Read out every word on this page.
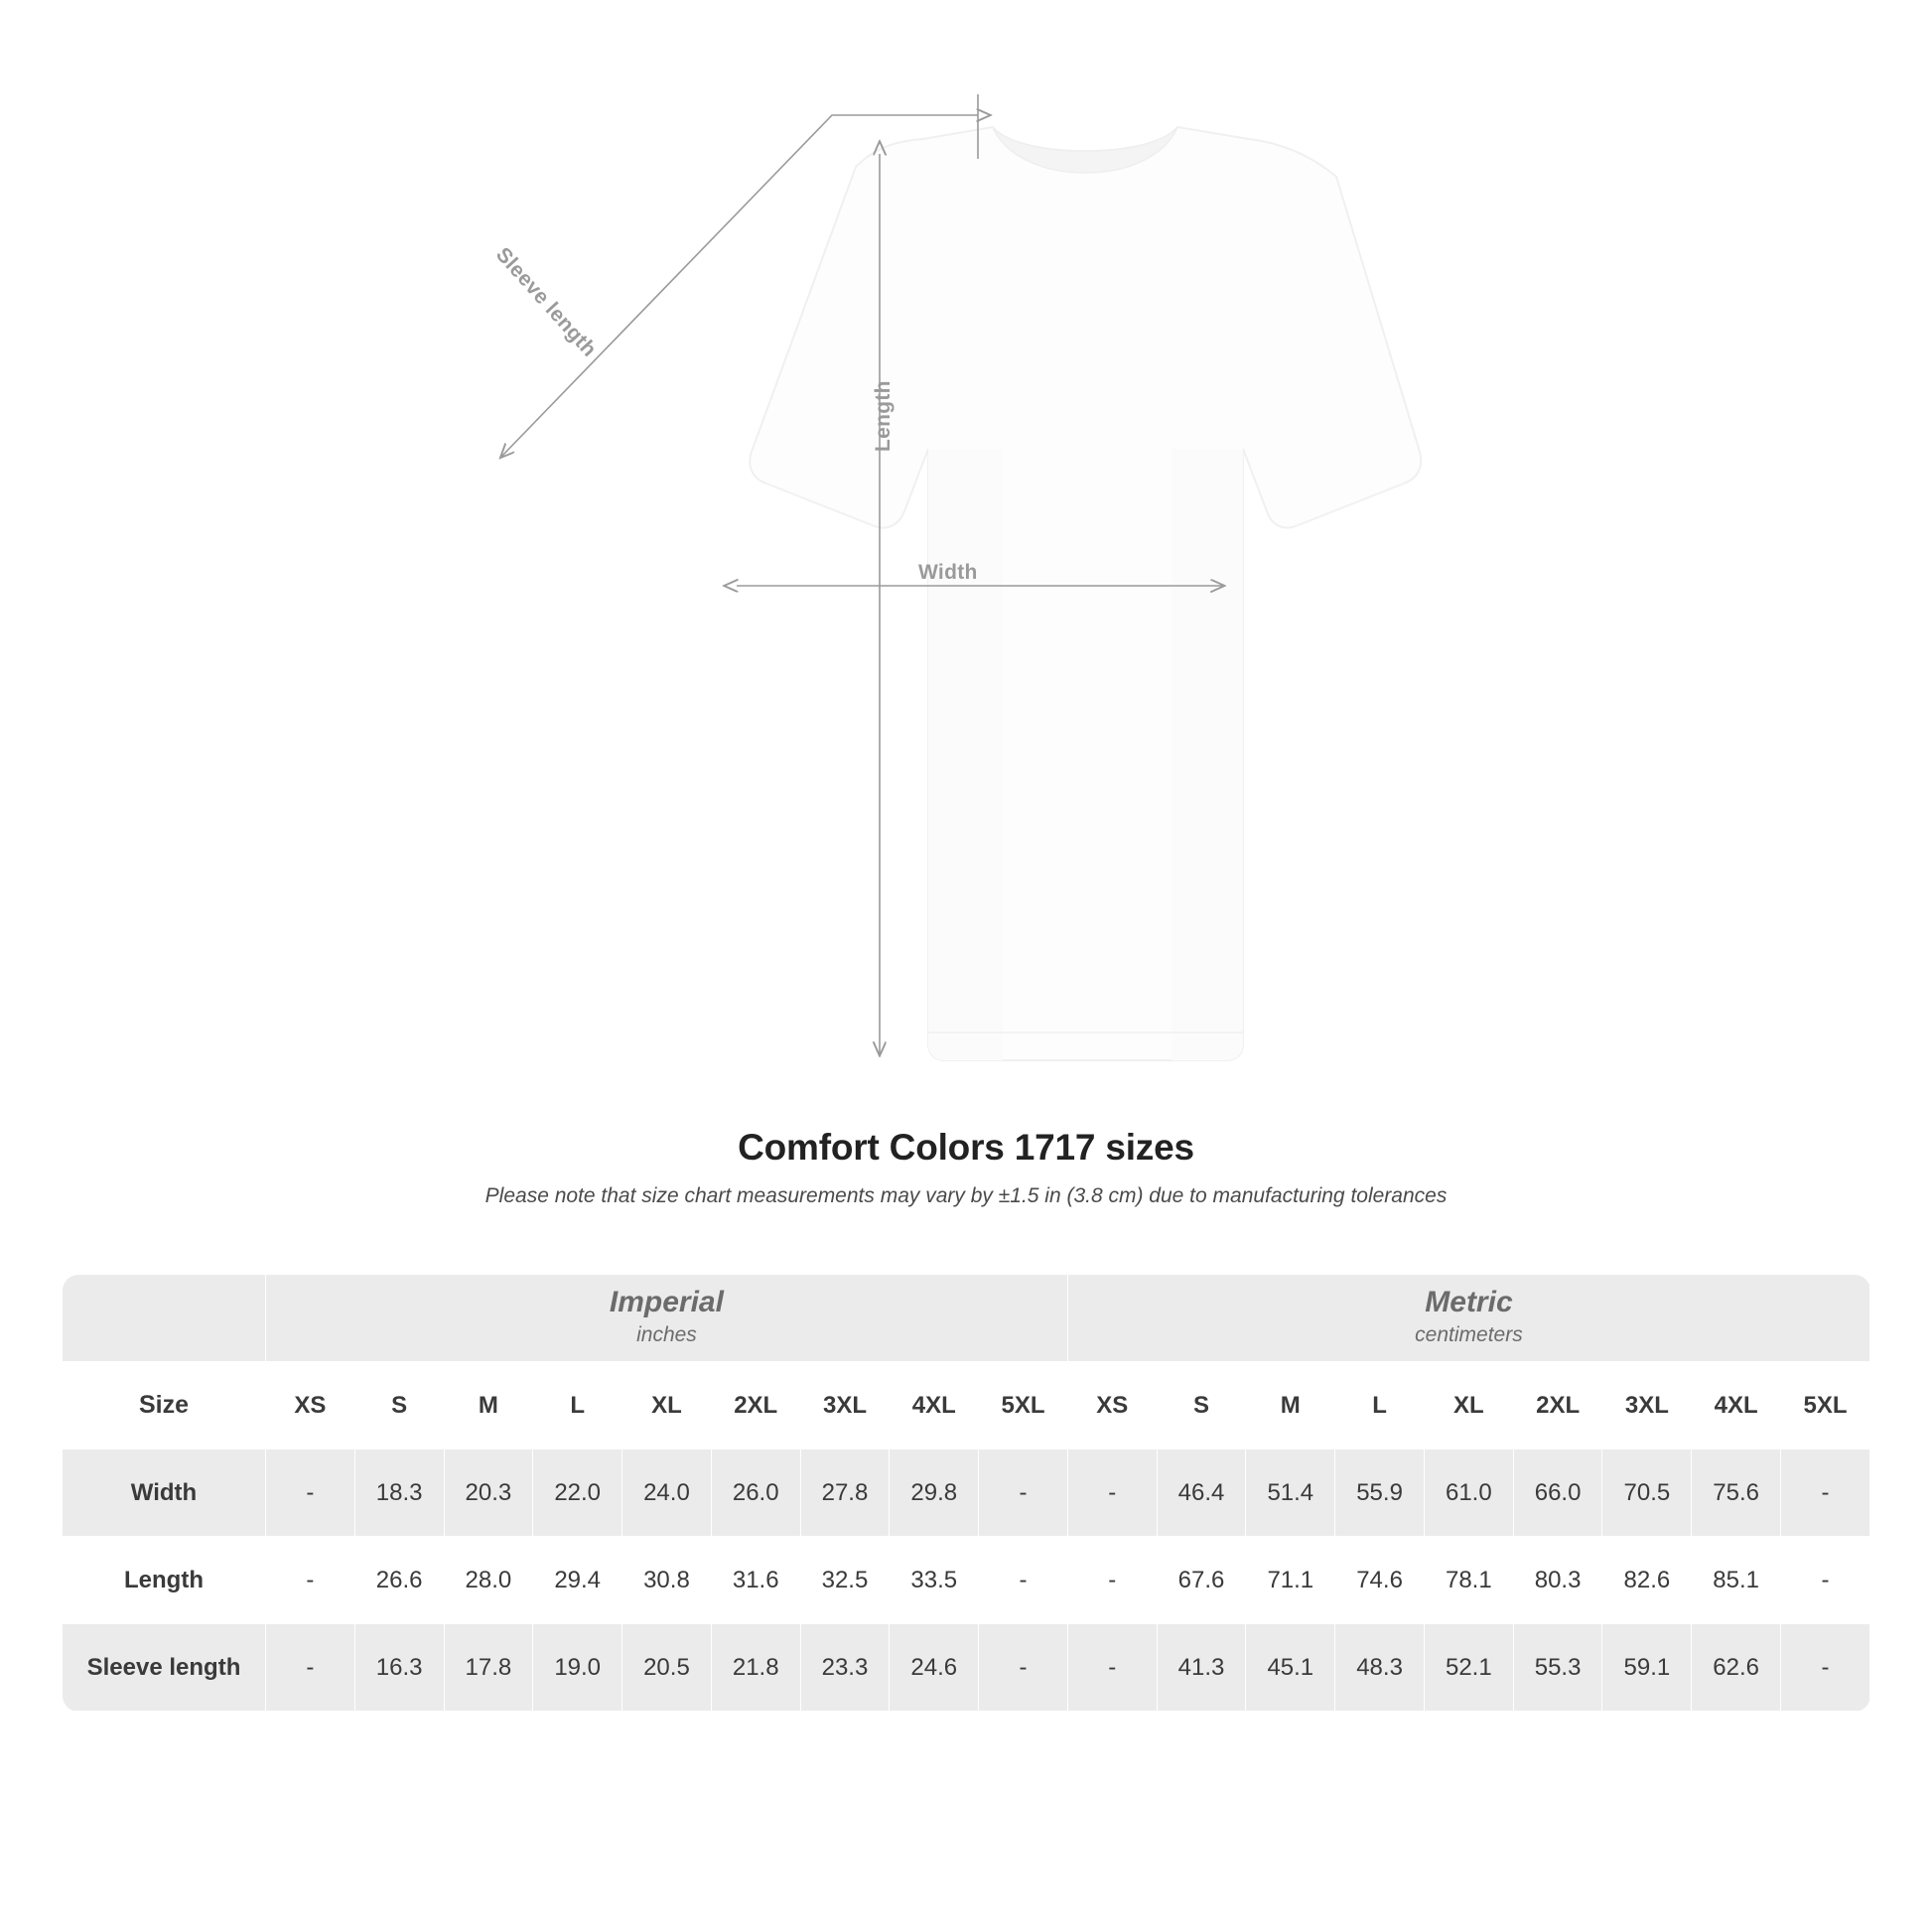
Width
Length
Sleeve length
Comfort Colors 1717 sizes

Please note that size chart measurements may vary by ±1.5 in (3.8 cm) due to manufacturing tolerances

Imperial
inches

Metric
centimeters

Size	XS	S	M	L	XL	2XL	3XL	4XL	5XL	XS	S	M	L	XL	2XL	3XL	4XL	5XL
Width	-	18.3	20.3	22.0	24.0	26.0	27.8	29.8	-	-	46.4	51.4	55.9	61.0	66.0	70.5	75.6	-
Length	-	26.6	28.0	29.4	30.8	31.6	32.5	33.5	-	-	67.6	71.1	74.6	78.1	80.3	82.6	85.1	-
Sleeve length	-	16.3	17.8	19.0	20.5	21.8	23.3	24.6	-	-	41.3	45.1	48.3	52.1	55.3	59.1	62.6	-
